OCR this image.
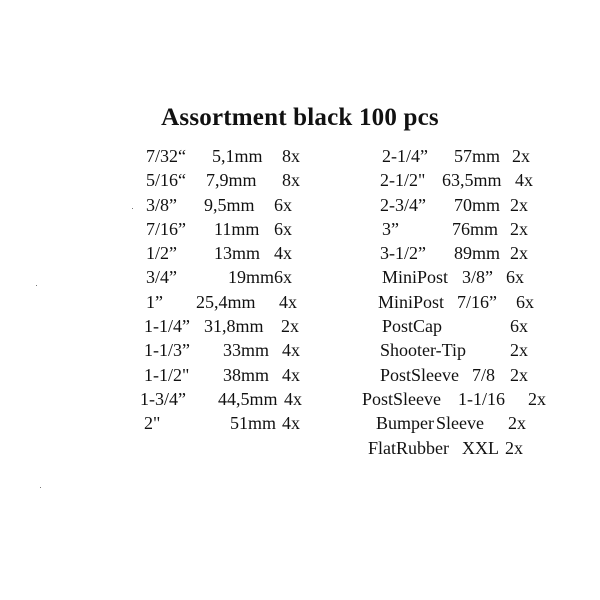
Assortment black 100 pcs
7/32“ 5,1mm 8x
5/16“ 7,9mm 8x
3/8” 9,5mm 6x
7/16” 11mm 6x
1/2” 13mm 4x
3/4”	19mm 6x
1” 25,4mm 4x
1-1/4” 31,8mm 2x
1-1/3” 33mm 4x
1-1/2" 38mm 4x
1-3/4” 44,5mm 4x
2"	51mm 4x
2-1/4” 57mm 2x
2-1/2" 63,5mm 4x
2-3/4” 70mm 2x
3”	76mm 2x
3-1/2” 89mm 2x
MiniPost 3/8” 6x
MiniPost 7/16” 6x
PostCap	6x
Shooter-Tip 2x
PostSleeve 7/8 2x
PostSleeve 1-1/16 2x
Bumper Sleeve 2x
FlatRubber XXL 2x
